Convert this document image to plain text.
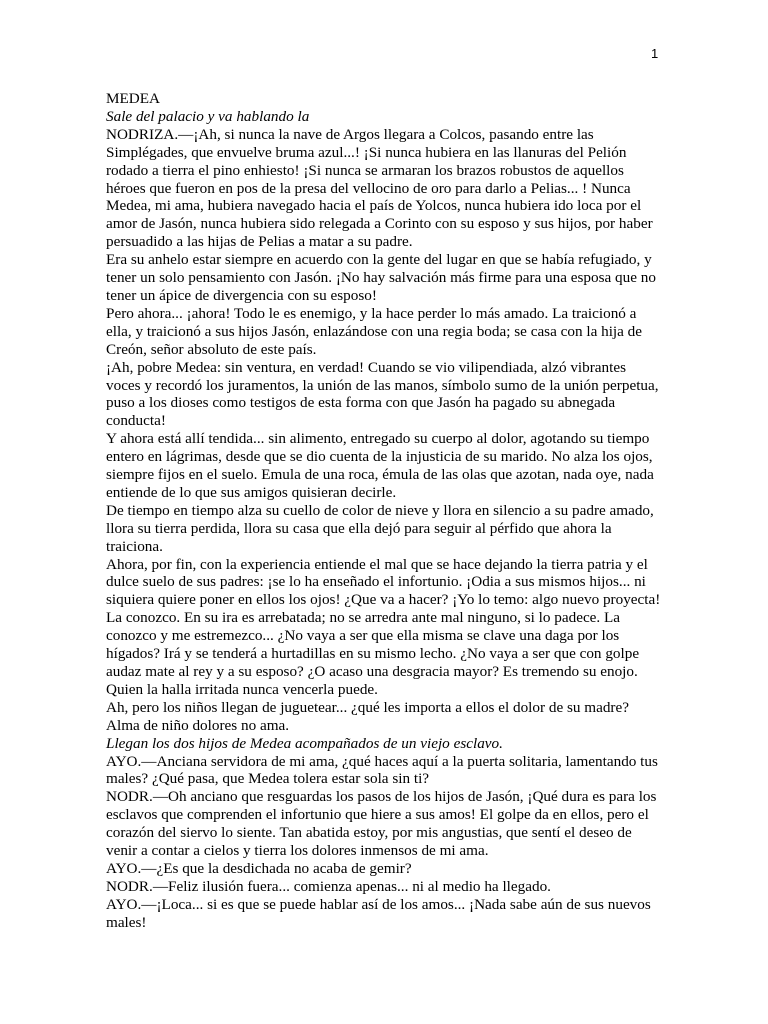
1

MEDEA

Sale del palacio y va hablando la

NODRIZA.—¡Ah, si nunca la nave de Argos llegara a Colcos, pasando entre las

Simplégades, que envuelve bruma azul...! ¡Si nunca hubiera en las llanuras del Pelión

rodado a tierra el pino enhiesto! ¡Si nunca se armaran los brazos robustos de aquellos

héroes que fueron en pos de la presa del vellocino de oro para darlo a Pelias... ! Nunca

Medea, mi ama, hubiera navegado hacia el país de Yolcos, nunca hubiera ido loca por el

amor de Jasón, nunca hubiera sido relegada a Corinto con su esposo y sus hijos, por haber

persuadido a las hijas de Pelias a matar a su padre.

Era su anhelo estar siempre en acuerdo con la gente del lugar en que se había refugiado, y

tener un solo pensamiento con Jasón. ¡No hay salvación más firme para una esposa que no

tener un ápice de divergencia con su esposo!

Pero ahora... ¡ahora! Todo le es enemigo, y la hace perder lo más amado. La traicionó a

ella, y traicionó a sus hijos Jasón, enlazándose con una regia boda; se casa con la hija de

Creón, señor absoluto de este país.

¡Ah, pobre Medea: sin ventura, en verdad! Cuando se vio vilipendiada, alzó vibrantes

voces y recordó los juramentos, la unión de las manos, símbolo sumo de la unión perpetua,

puso a los dioses como testigos de esta forma con que Jasón ha pagado su abnegada

conducta!

Y ahora está allí tendida... sin alimento, entregado su cuerpo al dolor, agotando su tiempo

entero en lágrimas, desde que se dio cuenta de la injusticia de su marido. No alza los ojos,

siempre fijos en el suelo. Emula de una roca, émula de las olas que azotan, nada oye, nada

entiende de lo que sus amigos quisieran decirle.

De tiempo en tiempo alza su cuello de color de nieve y llora en silencio a su padre amado,

llora su tierra perdida, llora su casa que ella dejó para seguir al pérfido que ahora la

traiciona.

Ahora, por fin, con la experiencia entiende el mal que se hace dejando la tierra patria y el

dulce suelo de sus padres: ¡se lo ha enseñado el infortunio. ¡Odia a sus mismos hijos... ni

siquiera quiere poner en ellos los ojos! ¿Que va a hacer? ¡Yo lo temo: algo nuevo proyecta!

La conozco. En su ira es arrebatada; no se arredra ante mal ninguno, si lo padece. La

conozco y me estremezco... ¿No vaya a ser que ella misma se clave una daga por los

hígados? Irá y se tenderá a hurtadillas en su mismo lecho. ¿No vaya a ser que con golpe

audaz mate al rey y a su esposo? ¿O acaso una desgracia mayor? Es tremendo su enojo.

Quien la halla irritada nunca vencerla puede.

Ah, pero los niños llegan de juguetear... ¿qué les importa a ellos el dolor de su madre?

Alma de niño dolores no ama.

Llegan los dos hijos de Medea acompañados de un viejo esclavo.

AYO.—Anciana servidora de mi ama, ¿qué haces aquí a la puerta solitaria, lamentando tus

males? ¿Qué pasa, que Medea tolera estar sola sin ti?

NODR.—Oh anciano que resguardas los pasos de los hijos de Jasón, ¡Qué dura es para los

esclavos que comprenden el infortunio que hiere a sus amos! El golpe da en ellos, pero el

corazón del siervo lo siente. Tan abatida estoy, por mis angustias, que sentí el deseo de

venir a contar a cielos y tierra los dolores inmensos de mi ama.

AYO.—¿Es que la desdichada no acaba de gemir?

NODR.—Feliz ilusión fuera... comienza apenas... ni al medio ha llegado.

AYO.—¡Loca... si es que se puede hablar así de los amos... ¡Nada sabe aún de sus nuevos

males!
